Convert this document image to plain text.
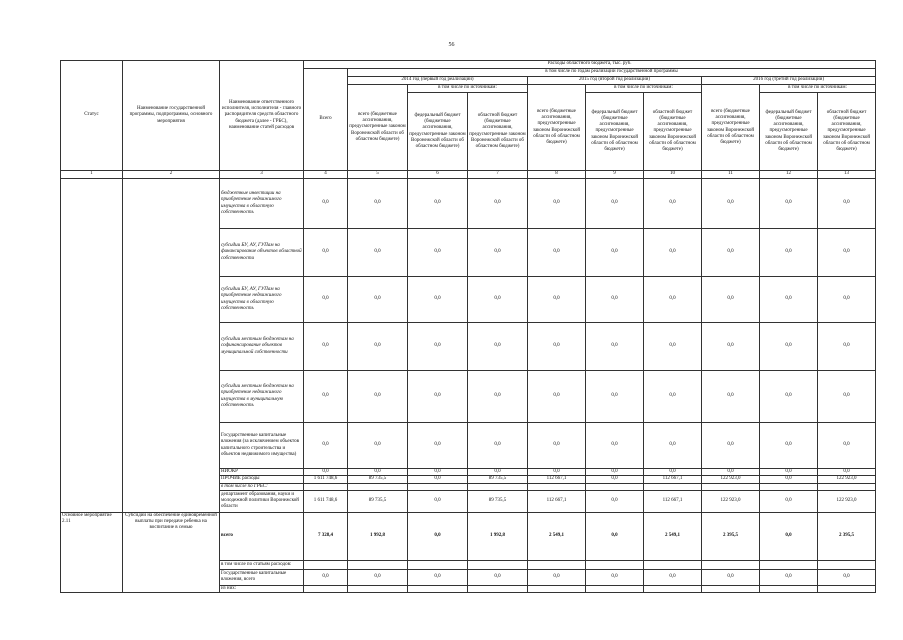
56
Статус	Наименование государственной программы, подпрограммы, основного мероприятия	Наименование ответственного исполнителя, исполнителя - главного распорядителя средств областного бюджета (далее - ГРБС), наименование статей расходов	Расходы областного бюджета, тыс. руб.									
			Всего	в том числе по годам реализации государственной программы								
				2014 год (первый год реализации)			2015 год (второй год реализации)			2016 год (третий год реализации)		
				всего (бюджетные ассигнования, предусмотренные законом Воронежской области об областном бюджете)	в том числе по источникам:		всего (бюджетные ассигнования, предусмотренные законом Воронежской области об областном бюджете)	в том числе по источникам:		всего (бюджетные ассигнования, предусмотренные законом Воронежской области об областном бюджете)	в том числе по источникам:	
					федеральный бюджет (бюджетные ассигнования, предусмотренные законом Воронежской области об областном бюджете)	областной бюджет (бюджетные ассигнования, предусмотренные законом Воронежской области об областном бюджете)		федеральный бюджет (бюджетные ассигнования, предусмотренные законом Воронежской области об областном бюджете)	областной бюджет (бюджетные ассигнования, предусмотренные законом Воронежской области об областном бюджете)		федеральный бюджет (бюджетные ассигнования, предусмотренные законом Воронежской области об областном бюджете)	областной бюджет (бюджетные ассигнования, предусмотренные законом Воронежской области об областном бюджете)
1	2	3	4	5	6	7	8	9	10	11	12	13
		бюджетные инвестиции на приобретение недвижимого имущества в областную собственность	0,0	0,0	0,0	0,0	0,0	0,0	0,0	0,0	0,0	0,0
		субсидии БУ, АУ, ГУПам на финансирование объектов областной собственности	0,0	0,0	0,0	0,0	0,0	0,0	0,0	0,0	0,0	0,0
		субсидии БУ, АУ, ГУПам на приобретение недвижимого имущества в областную собственность	0,0	0,0	0,0	0,0	0,0	0,0	0,0	0,0	0,0	0,0
		субсидии местным бюджетам на софинансирование объектов муниципальной собственности	0,0	0,0	0,0	0,0	0,0	0,0	0,0	0,0	0,0	0,0
		субсидии местным бюджетам на приобретение недвижимого имущества в муниципальную собственность	0,0	0,0	0,0	0,0	0,0	0,0	0,0	0,0	0,0	0,0
		Государственные капитальные вложения (за исключением объектов капитального строительства и объектов недвижимого имущества)	0,0	0,0	0,0	0,0	0,0	0,0	0,0	0,0	0,0	0,0
		НИОКР	0,0	0,0	0,0	0,0	0,0	0,0	0,0	0,0	0,0	0,0
		ПРОЧИЕ расходы	1 611 748,6	89 735,5	0,0	89 735,5	112 667,1	0,0	112 667,1	122 923,0	0,0	122 923,0
		в том числе по ГРБС:										
		департамент образования, науки и молодежной политики Воронежской области	1 611 748,6	89 735,5	0,0	89 735,5	112 667,1	0,0	112 667,1	122 923,0	0,0	122 923,0
Основное мероприятие 2.11	Субсидии на обеспечение единовременной выплаты при передаче ребенка на воспитание в семью	всего	7 328,4	1 992,8	0,0	1 992,8	2 549,1	0,0	2 549,1	2 395,5	0,0	2 395,5
		в том числе по статьям расходов:										
		Государственные капитальные вложения, всего	0,0	0,0	0,0	0,0	0,0	0,0	0,0	0,0	0,0	0,0
		из них:										
